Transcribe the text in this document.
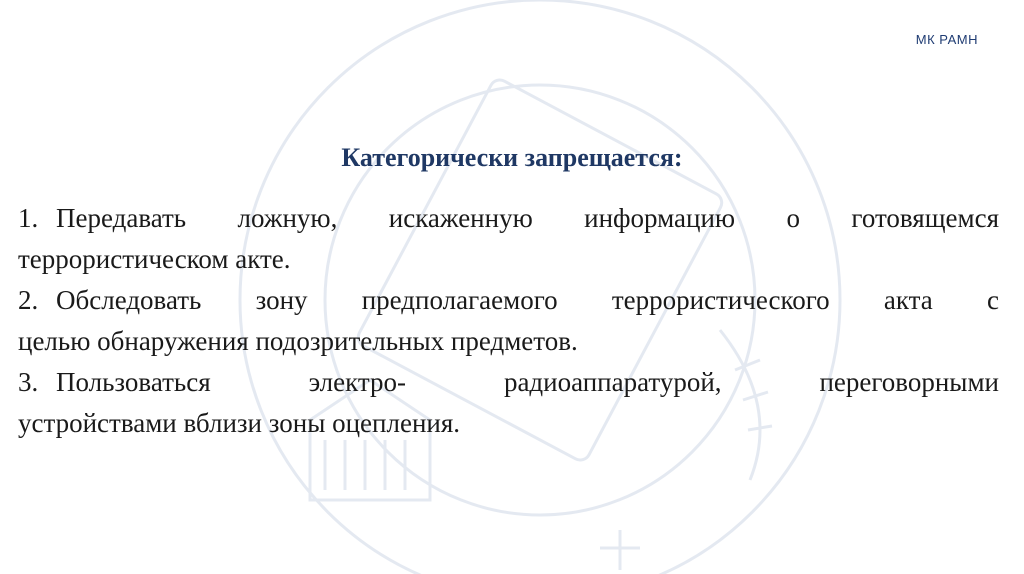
МК РАМН
Категорически запрещается:
1. Передавать ложную, искаженную информацию о готовящемся
террористическом акте.
2. Обследовать зону предполагаемого террористического акта с
целью обнаружения подозрительных предметов.
3. Пользоваться	электро-	радиоаппаратурой,	переговорными
устройствами вблизи зоны оцепления.
